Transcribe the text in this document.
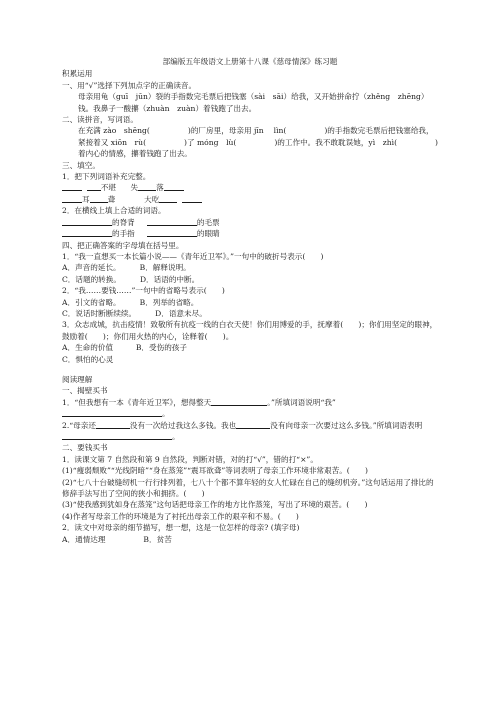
部编版五年级语文上册第十八课《慈母情深》练习题
积累运用
一、用“√”选择下列加点字的正确读音。
母亲用龟（guī　jūn）裂的手指数完毛票后把钱塞（sài　sāi）给我，又开始拼命拧（zhěng　zhēng）钱。我鼻子一酸攥（zhuàn　zuàn）着钱跑了出去。
二、读拼音，写词语。
在充满 zào　shēng(　　　　　)的厂房里，母亲用 jīn　 lìn(　　　　　)的手指数完毛票后把钱塞给我，紧接着又 xiōn　rù(　　　　　)了 mónɡ　lù(　　　　　)的工作中。我不敢耽误她，yì　zhì(　　　　　)着内心的情感，攥着钱跑了出去。
三、填空。
1．把下列词语补充完整。
不堪 失 落
耳 聋	大吃
2．在横线上填上合适的词语。
的脊背	的毛票
的手指	的眼睛
四、把正确答案的字母填在括号里。
1．“我一直想买一本长篇小说——《青年近卫军》。”一句中的破折号表示(　　)
A．声音的延长。　　　B．解释说明。
C．话题的转换。　　　D．话语的中断。
2．“我……要钱……”一句中的省略号表示(　　)
A．引文的省略。　　　B．列举的省略。
C．说话时断断续续。　　　D．语意未尽。
3．众志成城，抗击疫情！致敬所有抗疫一线的白衣天使！你们用博爱的手，抚摩着(　　)；你们用坚定的眼神，鼓励着(　　)；你们用火热的内心，诠释着(　　)。
A．生命的价值　　　B．受伤的孩子
C．惧怕的心灵
阅读理解
一、揭壁买书
1．“但我想有一本《青年近卫军》，想得整天	。”所填词语说明“我”
。
2.“母亲还	没有一次给过我这么多钱。我也	没有向母亲一次要过这么多钱。”所填词语表明。
二、要钱买书
1．读课文第 7 自然段和第 9 自然段，判断对错，对的打“√”，错的打“×”。
(1)“瘦弱颓败”“光线阴暗”“身在蒸笼”“震耳欲聋”等词表明了母亲工作环境非常艰苦。(　　)
(2)“七八十台破缝纫机一行行排列着，七八十个都不算年轻的女人忙碌在自己的缝纫机旁。”这句话运用了排比的修辞手法写出了空间的狭小和拥挤。(　　)
(3)“使我感到犹如身在蒸笼”这句话把母亲工作的地方比作蒸笼，写出了环境的艰苦。(　　)
(4)作者写母亲工作的环境是为了衬托出母亲工作的艰辛和不易。(　　)
2．读文中对母亲的细节描写，想一想，这是一位怎样的母亲? (填字母)
A．通情达理　　　　　B．贫苦
